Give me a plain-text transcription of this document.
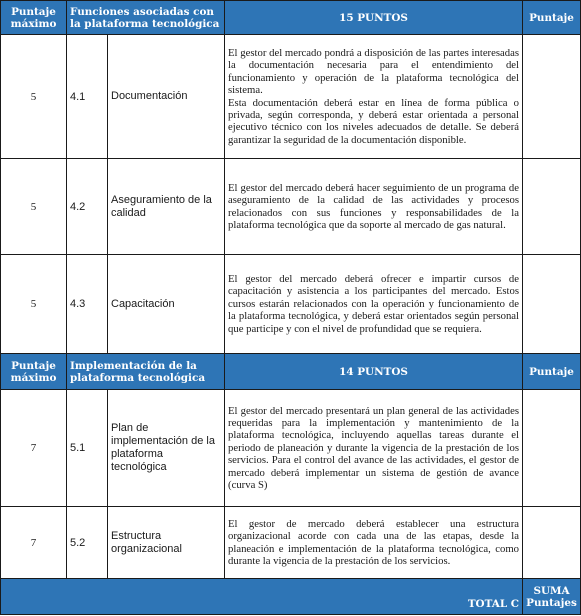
Puntaje máximo	Funciones asociadas con la plataforma tecnológica		15 PUNTOS	Puntaje
5	4.1	Documentación	El gestor del mercado pondrá a disposición de las partes interesadas la documentación necesaria para el entendimiento del funcionamiento y operación de la plataforma tecnológica del sistema.

Esta documentación deberá estar en línea de forma pública o privada, según corresponda, y deberá estar orientada a personal ejecutivo técnico con los niveles adecuados de detalle. Se deberá garantizar la seguridad de la documentación disponible.	

5	4.2	Aseguramiento de la calidad	El gestor del mercado deberá hacer seguimiento de un programa de aseguramiento de la calidad de las actividades y procesos relacionados con sus funciones y responsabilidades de la plataforma tecnológica que da soporte al mercado de gas natural.	

5	4.3	Capacitación	El gestor del mercado deberá ofrecer e impartir cursos de capacitación y asistencia a los participantes del mercado. Estos cursos estarán relacionados con la operación y funcionamiento de la plataforma tecnológica, y deberá estar orientados según personal que participe y con el nivel de profundidad que se requiera.	

Puntaje máximo	Implementación de la plataforma tecnológica		14 PUNTOS	Puntaje
7	5.1	Plan de implementación de la plataforma tecnológica	El gestor del mercado presentará un plan general de las actividades requeridas para la implementación y mantenimiento de la plataforma tecnológica, incluyendo aquellas tareas durante el periodo de planeación y durante la vigencia de la prestación de los servicios. Para el control del avance de las actividades, el gestor de mercado deberá implementar un sistema de gestión de avance (curva S)	

7	5.2	Estructura organizacional	El gestor de mercado deberá establecer una estructura organizacional acorde con cada una de las etapas, desde la planeación e implementación de la plataforma tecnológica, como durante la vigencia de la prestación de los servicios.	

TOTAL C				SUMA Puntajes
